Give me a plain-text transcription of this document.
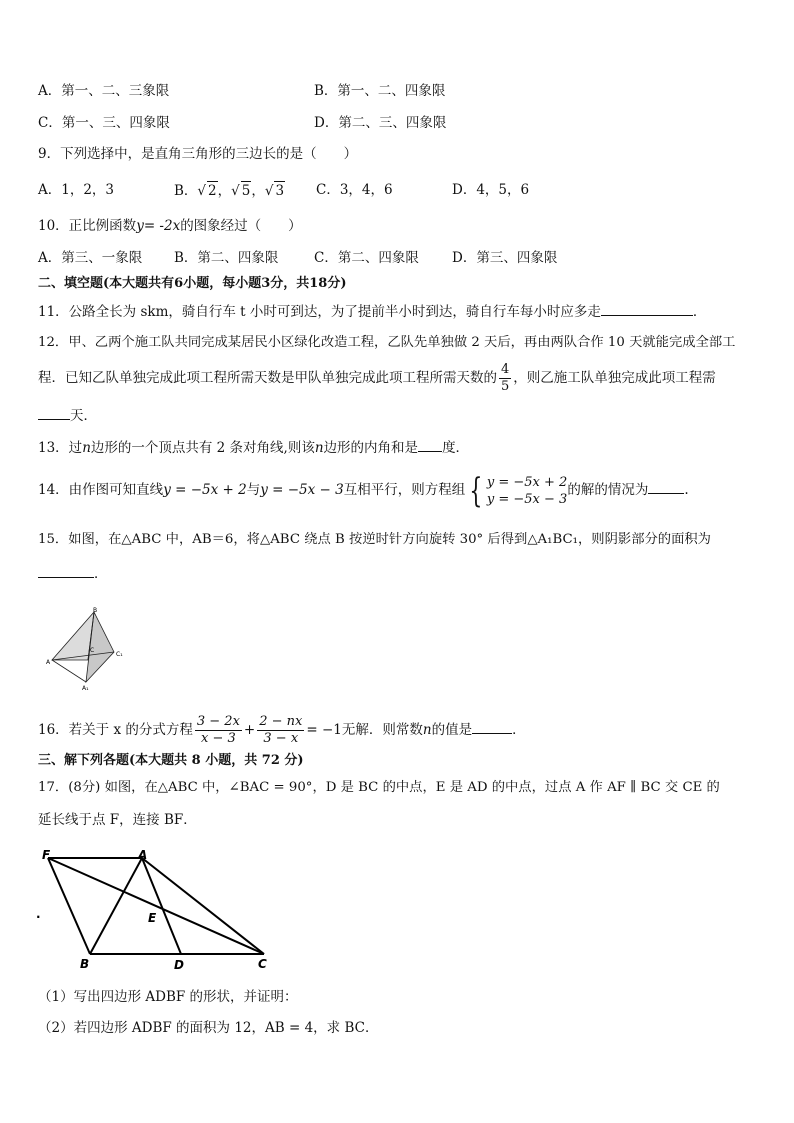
A．第一、二、三象限	B．第一、二、四象限
C．第一、三、四象限	D．第二、三、四象限
9．下列选择中，是直角三角形的三边长的是（　　）
A．1，2，3	B．√ 2，√ 5，√ 3 C．3，4，6	D．4，5，6
10．正比例函数y= -2x的图象经过（　　）
A．第三、一象限 B．第二、四象限	C．第二、四象限 D．第三、四象限
二、填空题(本大题共有6小题，每小题3分，共18分)
11．公路全长为 skm，骑自行车 t 小时可到达，为了提前半小时到达，骑自行车每小时应多走	．
12．甲、乙两个施工队共同完成某居民小区绿化改造工程，乙队先单独做 2 天后，再由两队合作 10 天就能完成全部工
程．已知乙队单独完成此项工程所需天数是甲队单独完成此项工程所需天数的 $\frac{4}{5}$ ，则乙施工队单独完成此项工程需
天．
13．过n边形的一个顶点共有 2 条对角线,则该n边形的内角和是 度．
14．由作图可知直线y = −5x + 2与y = −5x − 3互相平行，则方程组 { y = −5x + 2
y = −5x − 3
的解的情况为	.
15．如图，在△ABC 中，AB＝6，将△ABC 绕点 B 按逆时针方向旋转 30° 后得到△A₁BC₁，则阴影部分的面积为
．
B
C
A
C₁
A₁
16．若关于 x 的分式方程 $\frac{3 - 2x}{x - 3} + \frac{2 - nx}{3 - x} = -1$无解．则常数n的值是	．
三、解下列各题(本大题共 8 小题，共 72 分)
17．(8分) 如图，在△ABC 中，∠BAC = 90°，D 是 BC 的中点，E 是 AD 的中点，过点 A 作 AF ∥ BC 交 CE 的
延长线于点 F，连接 BF．
F	A
E
B	D	C
.
（1）写出四边形 ADBF 的形状，并证明：
（2）若四边形 ADBF 的面积为 12，AB = 4，求 BC．
